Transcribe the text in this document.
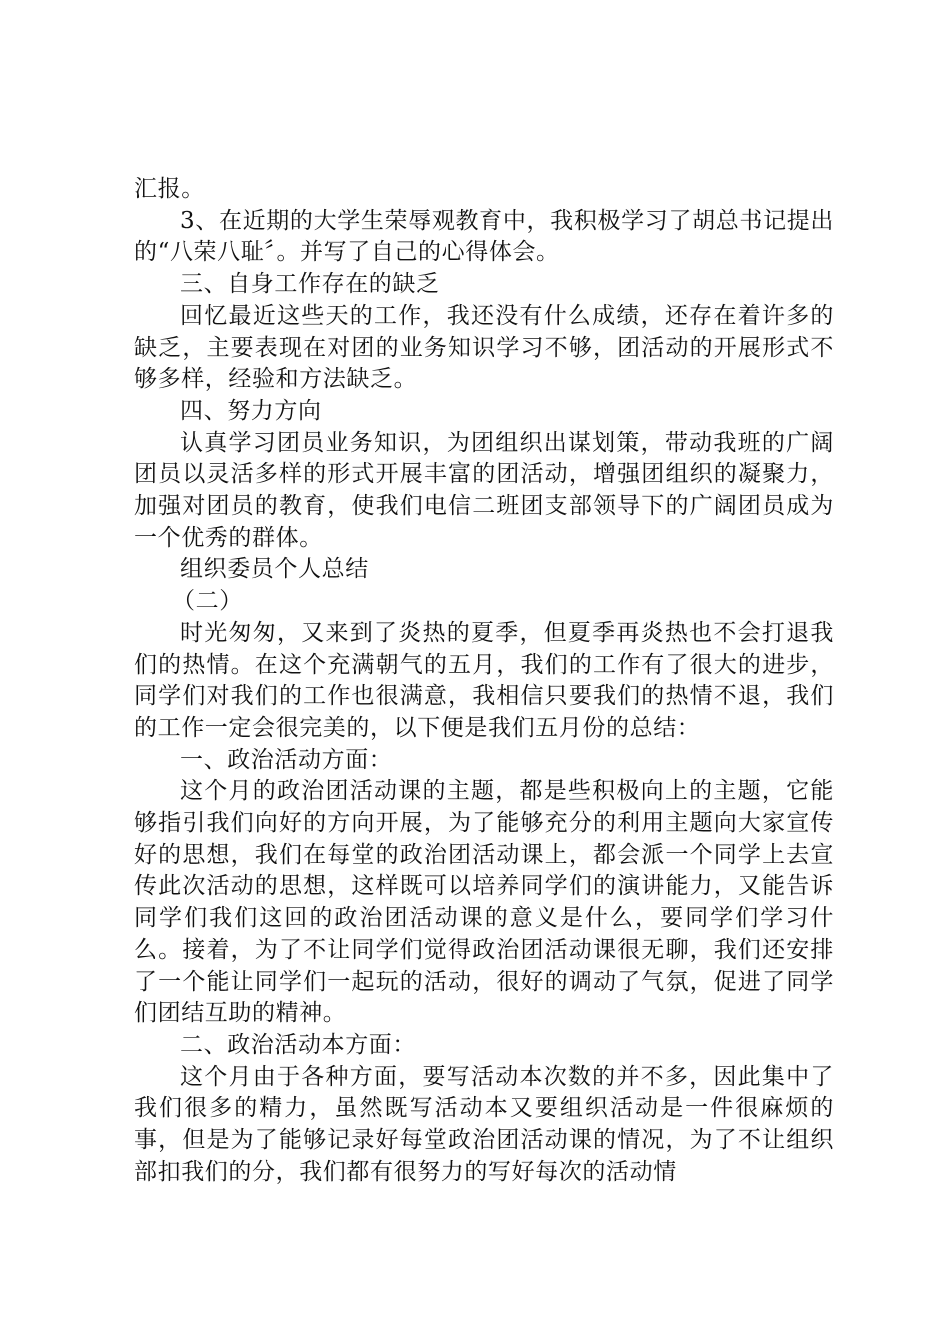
汇报。

3、在近期的大学生荣辱观教育中，我积极学习了胡总书记提出的“八荣八耻〞。并写了自己的心得体会。

三、自身工作存在的缺乏

回忆最近这些天的工作，我还没有什么成绩，还存在着许多的缺乏，主要表现在对团的业务知识学习不够，团活动的开展形式不够多样，经验和方法缺乏。

四、努力方向

认真学习团员业务知识，为团组织出谋划策，带动我班的广阔团员以灵活多样的形式开展丰富的团活动，增强团组织的凝聚力，加强对团员的教育，使我们电信二班团支部领导下的广阔团员成为一个优秀的群体。

组织委员个人总结

（二）

时光匆匆，又来到了炎热的夏季，但夏季再炎热也不会打退我们的热情。在这个充满朝气的五月，我们的工作有了很大的进步，同学们对我们的工作也很满意，我相信只要我们的热情不退，我们的工作一定会很完美的，以下便是我们五月份的总结：

一、政治活动方面：

这个月的政治团活动课的主题，都是些积极向上的主题，它能够指引我们向好的方向开展，为了能够充分的利用主题向大家宣传好的思想，我们在每堂的政治团活动课上，都会派一个同学上去宣传此次活动的思想，这样既可以培养同学们的演讲能力，又能告诉同学们我们这回的政治团活动课的意义是什么，要同学们学习什么。接着，为了不让同学们觉得政治团活动课很无聊，我们还安排了一个能让同学们一起玩的活动，很好的调动了气氛，促进了同学们团结互助的精神。

二、政治活动本方面：

这个月由于各种方面，要写活动本次数的并不多，因此集中了我们很多的精力，虽然既写活动本又要组织活动是一件很麻烦的事，但是为了能够记录好每堂政治团活动课的情况，为了不让组织部扣我们的分，我们都有很努力的写好每次的活动情
